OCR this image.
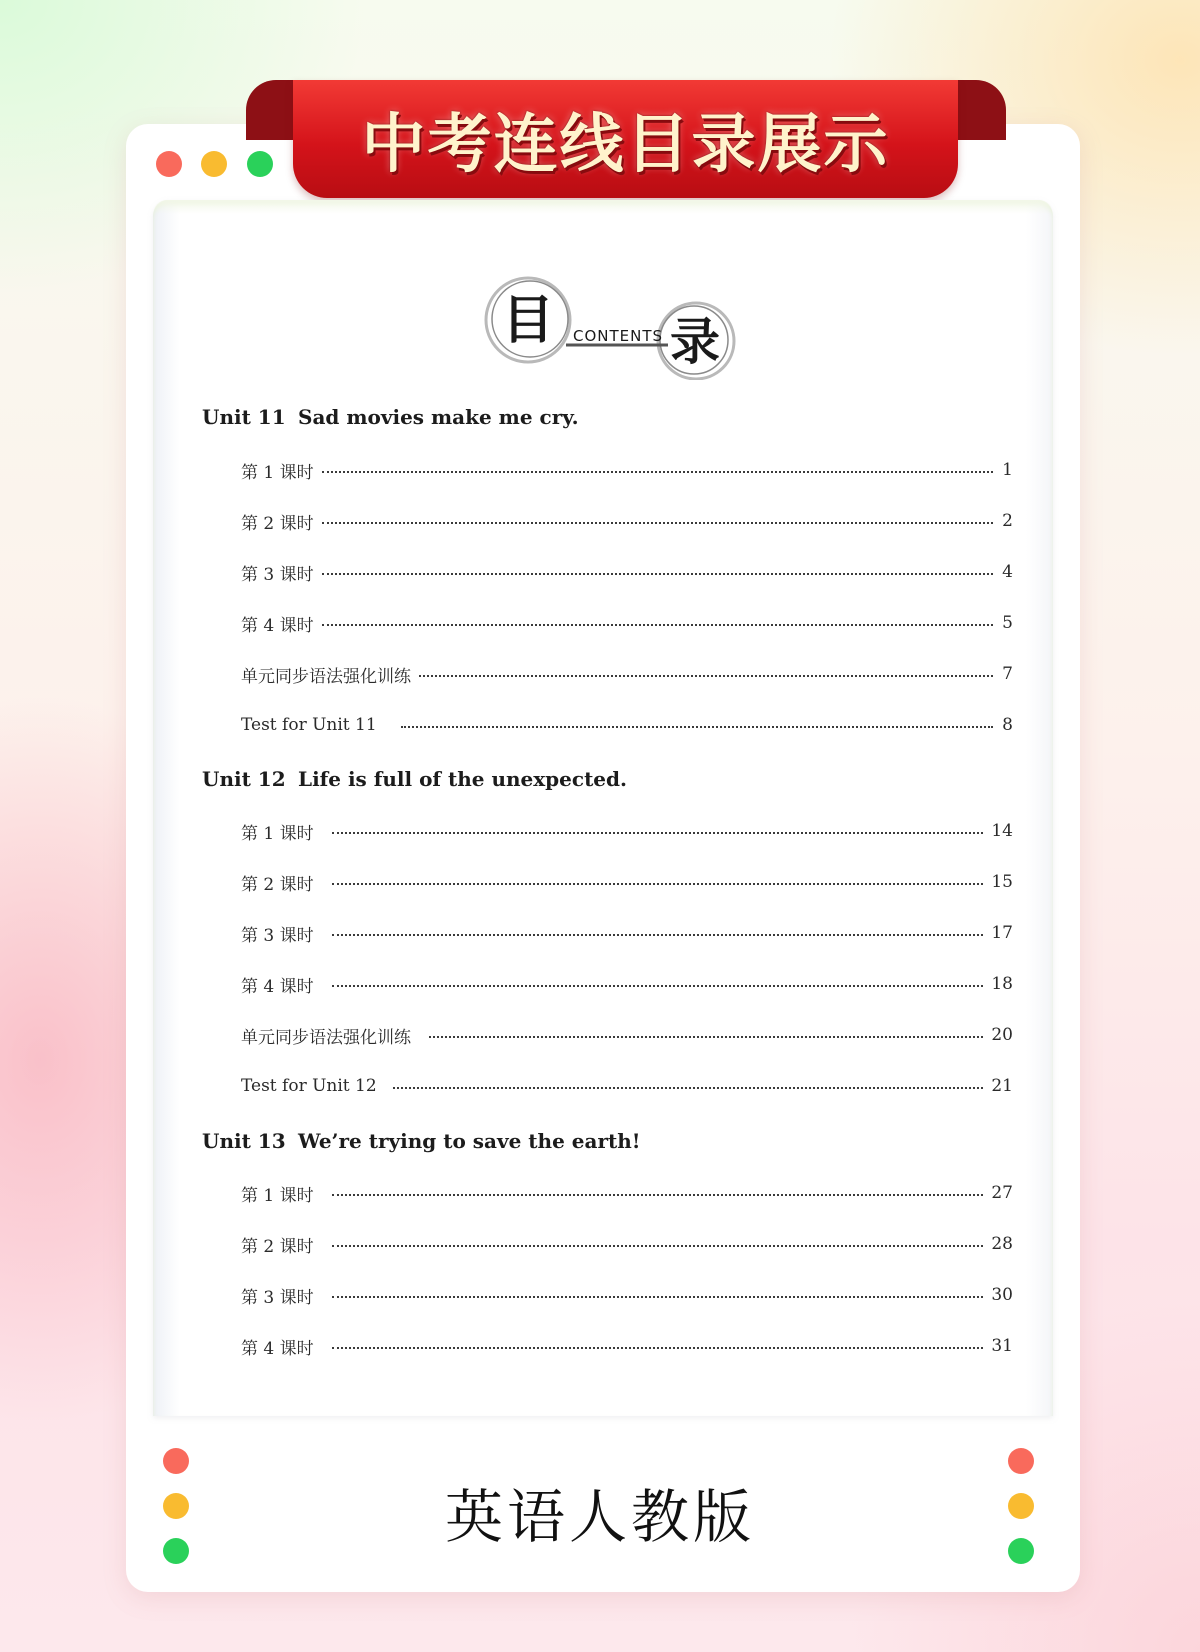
中考连线目录展示
目 CONTENTS 录
Unit 11 Sad movies make me cry.
第 1 课时	1
第 2 课时	2
第 3 课时	4
第 4 课时	5
单元同步语法强化训练	7
Test for Unit 11	8
Unit 12 Life is full of the unexpected.
第 1 课时	14
第 2 课时	15
第 3 课时	17
第 4 课时	18
单元同步语法强化训练	20
Test for Unit 12	21
Unit 13 We’re trying to save the earth!
第 1 课时	27
第 2 课时	28
第 3 课时	30
第 4 课时	31
英语人教版
